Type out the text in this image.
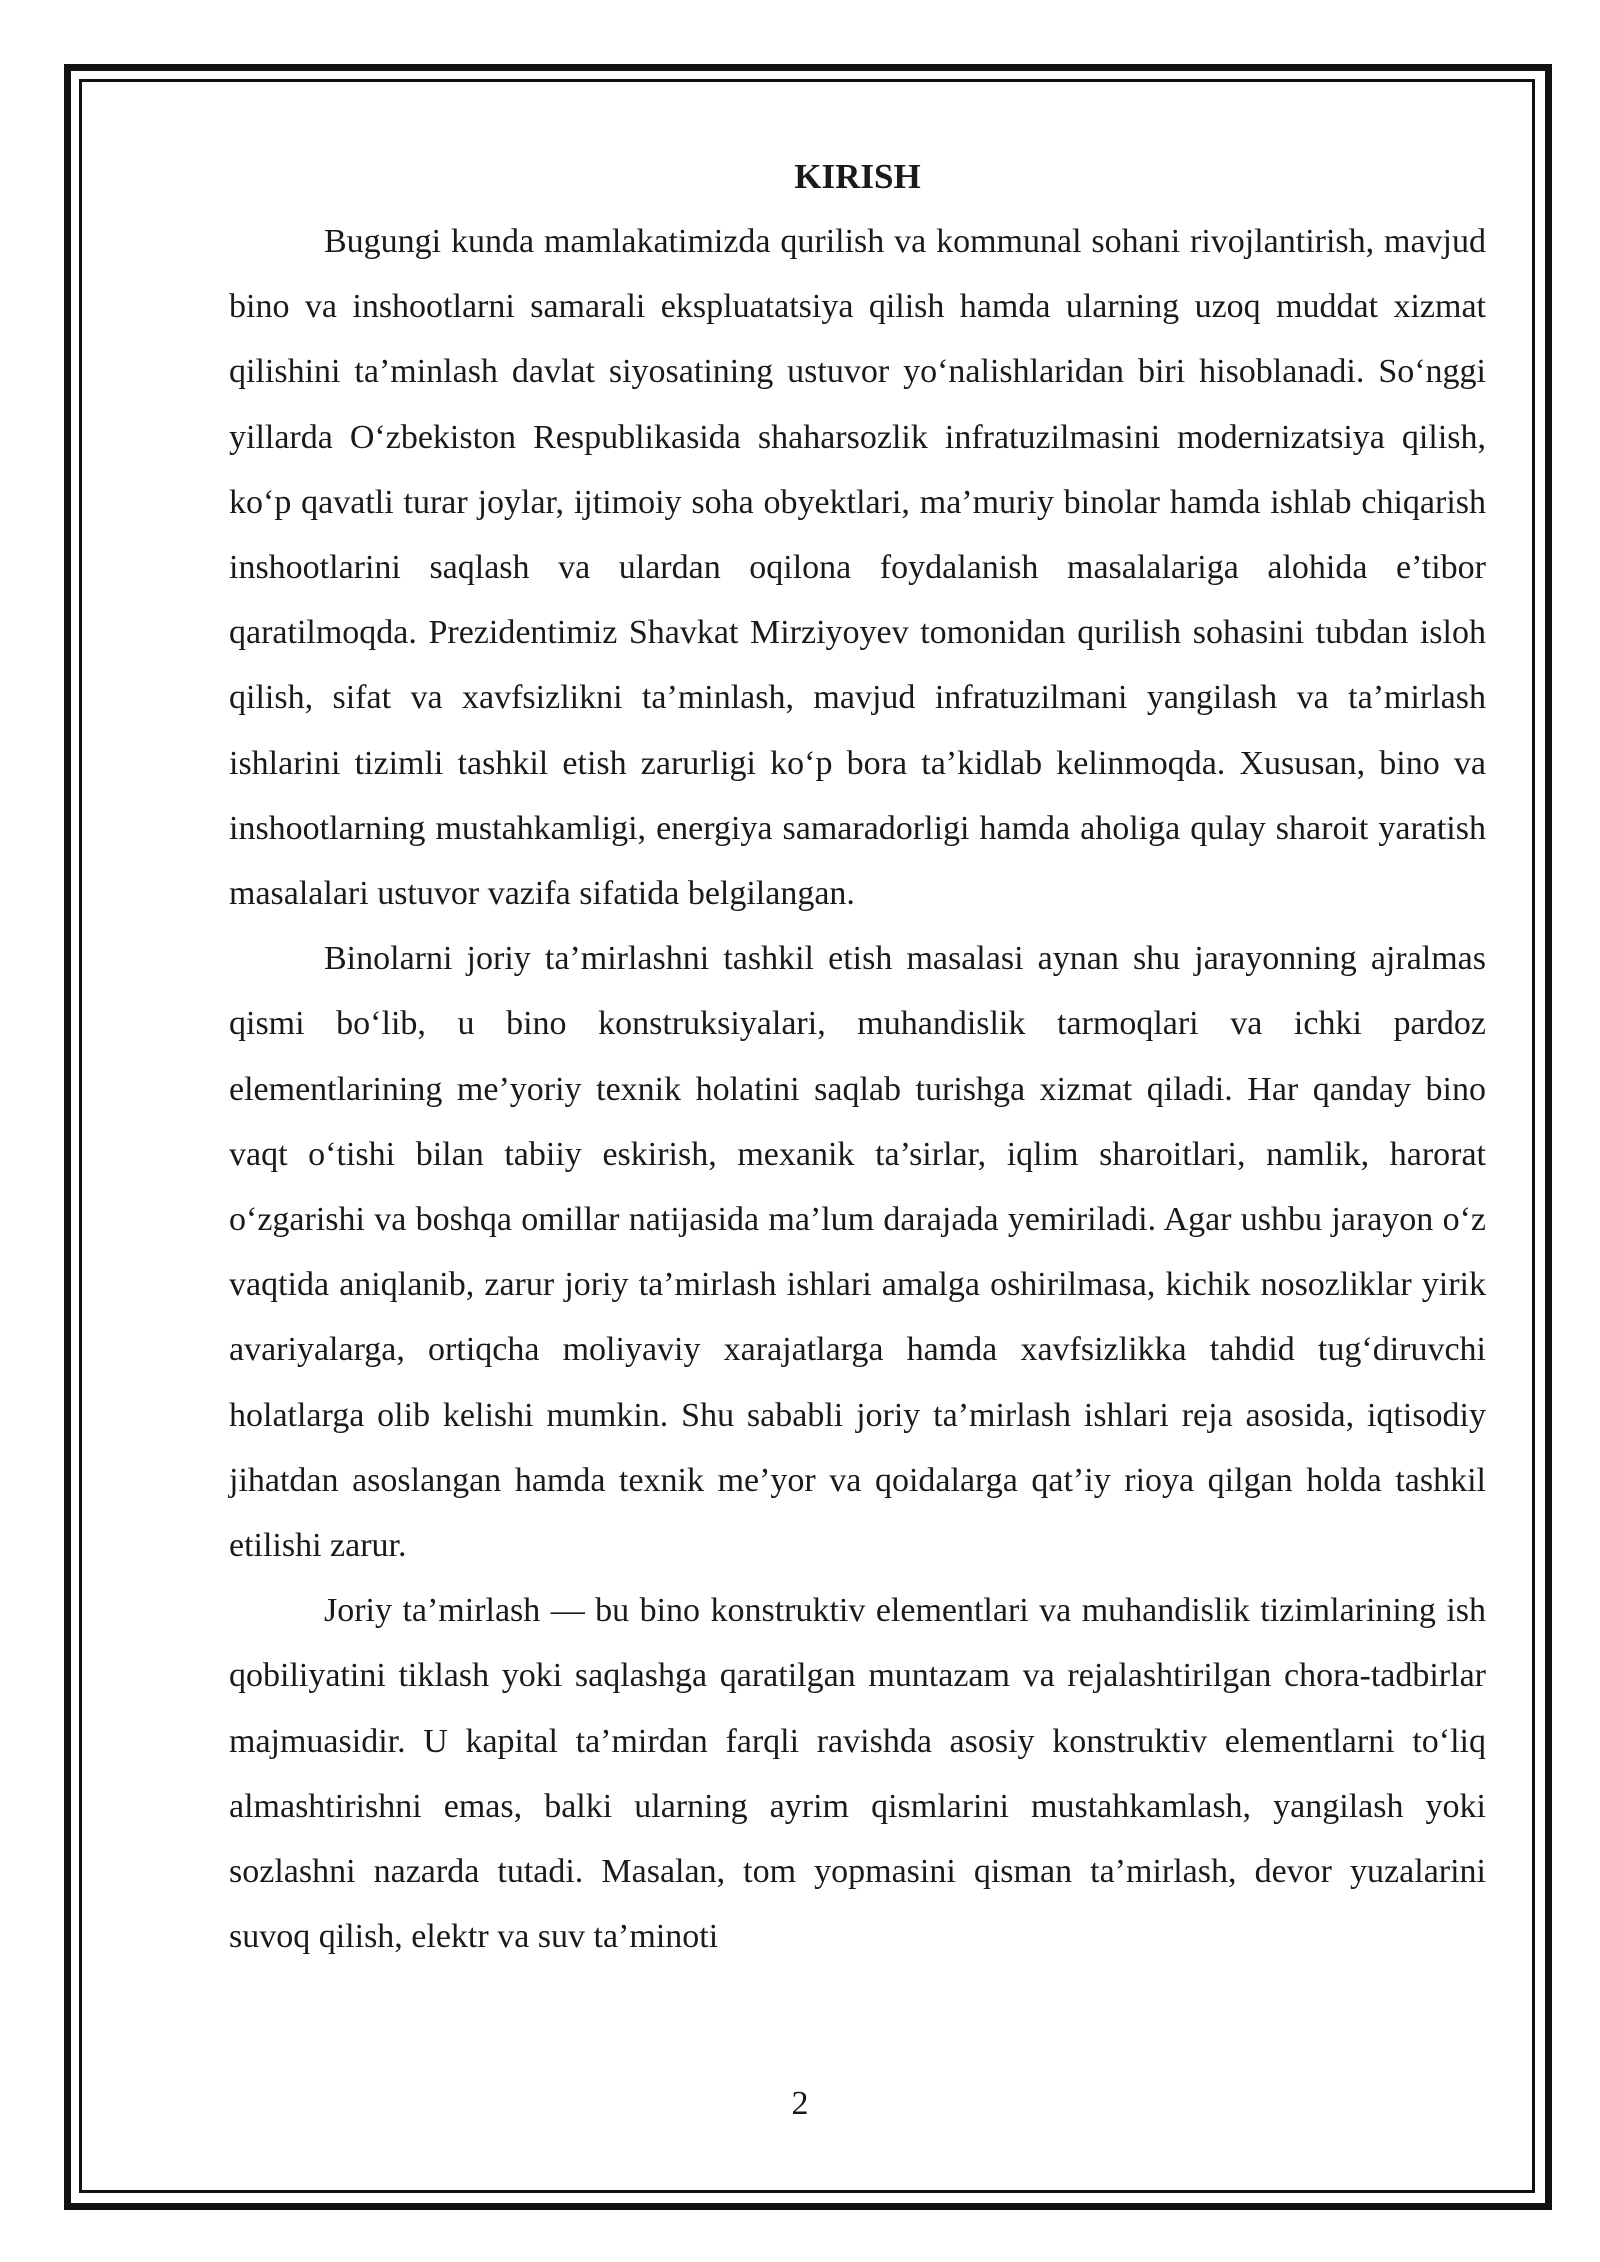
KIRISH

Bugungi kunda mamlakatimizda qurilish va kommunal sohani rivojlantirish, mavjud bino va inshootlarni samarali ekspluatatsiya qilish hamda ularning uzoq muddat xizmat qilishini ta’minlash davlat siyosatining ustuvor yo‘nalishlaridan biri hisoblanadi. So‘nggi yillarda O‘zbekiston Respublikasida shaharsozlik infratuzilmasini modernizatsiya qilish, ko‘p qavatli turar joylar, ijtimoiy soha obyektlari, ma’muriy binolar hamda ishlab chiqarish inshootlarini saqlash va ulardan oqilona foydalanish masalalariga alohida e’tibor qaratilmoqda. Prezidentimiz Shavkat Mirziyoyev tomonidan qurilish sohasini tubdan isloh qilish, sifat va xavfsizlikni ta’minlash, mavjud infratuzilmani yangilash va ta’mirlash ishlarini tizimli tashkil etish zarurligi ko‘p bora ta’kidlab kelinmoqda. Xususan, bino va inshootlarning mustahkamligi, energiya samaradorligi hamda aholiga qulay sharoit yaratish masalalari ustuvor vazifa sifatida belgilangan.

Binolarni joriy ta’mirlashni tashkil etish masalasi aynan shu jarayonning ajralmas qismi bo‘lib, u bino konstruksiyalari, muhandislik tarmoqlari va ichki pardoz elementlarining me’yoriy texnik holatini saqlab turishga xizmat qiladi. Har qanday bino vaqt o‘tishi bilan tabiiy eskirish, mexanik ta’sirlar, iqlim sharoitlari, namlik, harorat o‘zgarishi va boshqa omillar natijasida ma’lum darajada yemiriladi. Agar ushbu jarayon o‘z vaqtida aniqlanib, zarur joriy ta’mirlash ishlari amalga oshirilmasa, kichik nosozliklar yirik avariyalarga, ortiqcha moliyaviy xarajatlarga hamda xavfsizlikka tahdid tug‘diruvchi holatlarga olib kelishi mumkin. Shu sababli joriy ta’mirlash ishlari reja asosida, iqtisodiy jihatdan asoslangan hamda texnik me’yor va qoidalarga qat’iy rioya qilgan holda tashkil etilishi zarur.

Joriy ta’mirlash — bu bino konstruktiv elementlari va muhandislik tizimlarining ish qobiliyatini tiklash yoki saqlashga qaratilgan muntazam va rejalashtirilgan chora-tadbirlar majmuasidir. U kapital ta’mirdan farqli ravishda asosiy konstruktiv elementlarni to‘liq almashtirishni emas, balki ularning ayrim qismlarini mustahkamlash, yangilash yoki sozlashni nazarda tutadi. Masalan, tom yopmasini qisman ta’mirlash, devor yuzalarini suvoq qilish, elektr va suv ta’minoti

2
